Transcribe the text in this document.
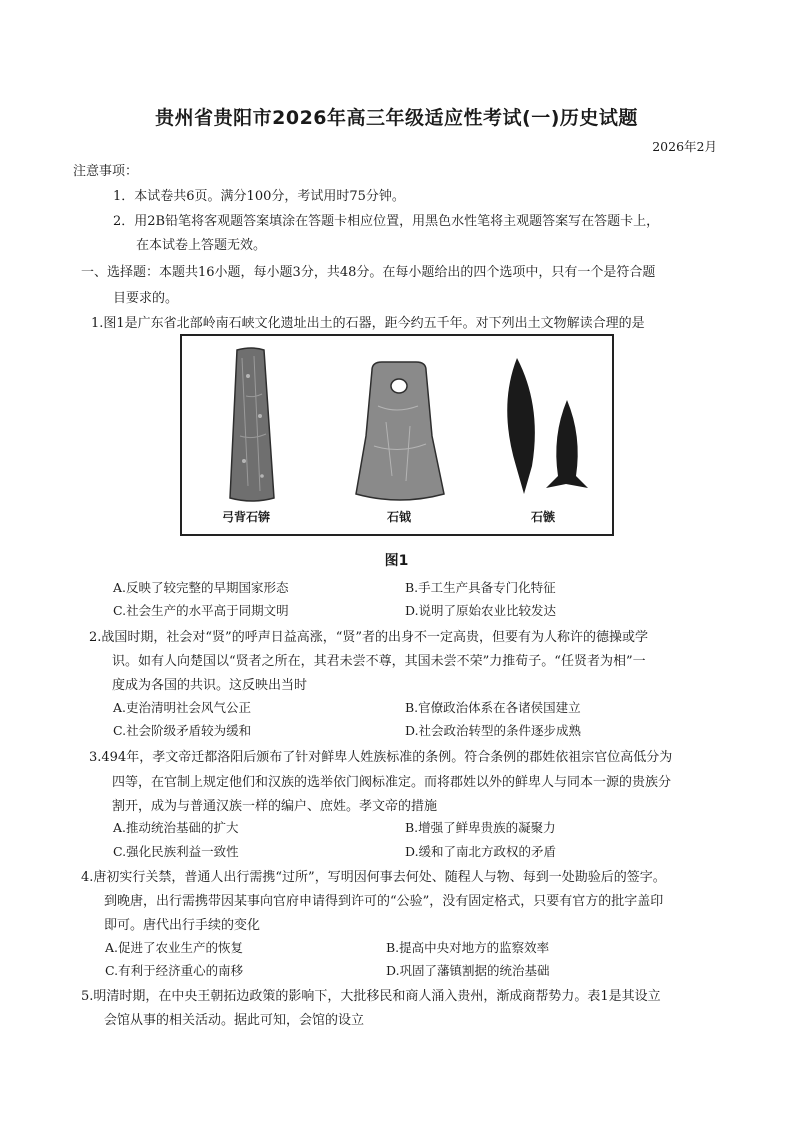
贵州省贵阳市2026年高三年级适应性考试(一)历史试题
2026年2月
注意事项：
1．本试卷共6页。满分100分，考试用时75分钟。
2．用2B铅笔将客观题答案填涂在答题卡相应位置，用黑色水性笔将主观题答案写在答题卡上，
在本试卷上答题无效。
一、选择题：本题共16小题，每小题3分，共48分。在每小题给出的四个选项中，只有一个是符合题
目要求的。
1.图1是广东省北部岭南石峡文化遗址出土的石器，距今约五千年。对下列出土文物解读合理的是
弓背石锛	石钺	石镞
图1
A.反映了较完整的早期国家形态	B.手工生产具备专门化特征
C.社会生产的水平高于同期文明	D.说明了原始农业比较发达
2.战国时期，社会对“贤”的呼声日益高涨，“贤”者的出身不一定高贵，但要有为人称许的德操或学
识。如有人向楚国以“贤者之所在，其君未尝不尊，其国未尝不荣”力推荀子。“任贤者为相”一
度成为各国的共识。这反映出当时
A.吏治清明社会风气公正	B.官僚政治体系在各诸侯国建立
C.社会阶级矛盾较为缓和	D.社会政治转型的条件逐步成熟
3.494年，孝文帝迁都洛阳后颁布了针对鲜卑人姓族标准的条例。符合条例的郡姓依祖宗官位高低分为
四等，在官制上规定他们和汉族的选举依门阀标准定。而将郡姓以外的鲜卑人与同本一源的贵族分
割开，成为与普通汉族一样的编户、庶姓。孝文帝的措施
A.推动统治基础的扩大	B.增强了鲜卑贵族的凝聚力
C.强化民族利益一致性	D.缓和了南北方政权的矛盾
4.唐初实行关禁，普通人出行需携“过所”，写明因何事去何处、随程人与物、每到一处勘验后的签字。
到晚唐，出行需携带因某事向官府申请得到许可的“公验”，没有固定格式，只要有官方的批字盖印
即可。唐代出行手续的变化
A.促进了农业生产的恢复	B.提高中央对地方的监察效率
C.有利于经济重心的南移	D.巩固了藩镇割据的统治基础
5.明清时期，在中央王朝拓边政策的影响下，大批移民和商人涌入贵州，渐成商帮势力。表1是其设立
会馆从事的相关活动。据此可知，会馆的设立
